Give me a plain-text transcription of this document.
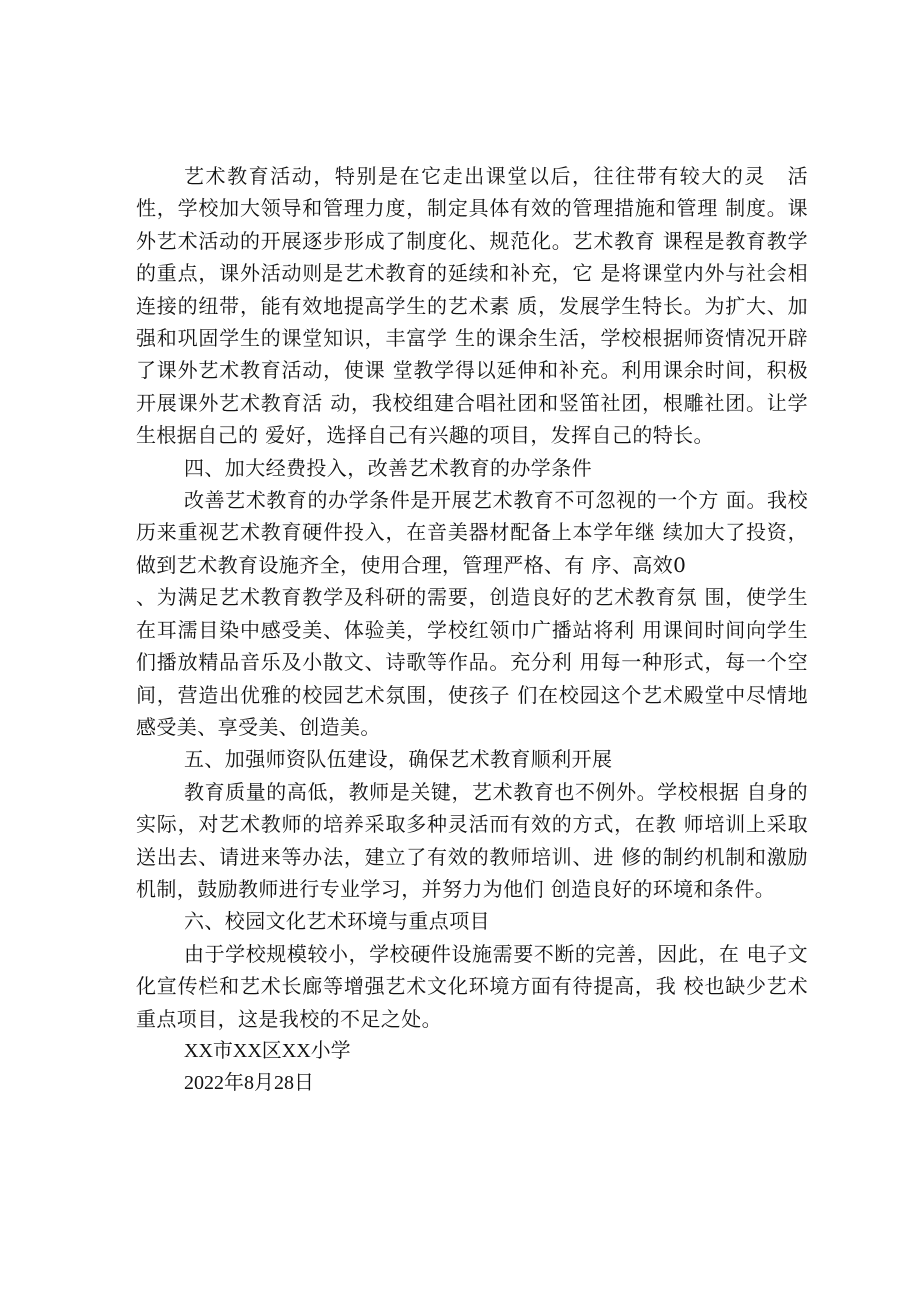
艺术教育活动，特别是在它走出课堂以后，往往带有较大的灵　活性，学校加大领导和管理力度，制定具体有效的管理措施和管理 制度。课外艺术活动的开展逐步形成了制度化、规范化。艺术教育 课程是教育教学的重点，课外活动则是艺术教育的延续和补充，它 是将课堂内外与社会相连接的纽带，能有效地提高学生的艺术素 质，发展学生特长。为扩大、加强和巩固学生的课堂知识，丰富学 生的课余生活，学校根据师资情况开辟了课外艺术教育活动，使课 堂教学得以延伸和补充。利用课余时间，积极开展课外艺术教育活 动，我校组建合唱社团和竖笛社团，根雕社团。让学生根据自己的 爱好，选择自己有兴趣的项目，发挥自己的特长。

四、加大经费投入，改善艺术教育的办学条件

改善艺术教育的办学条件是开展艺术教育不可忽视的一个方 面。我校历来重视艺术教育硬件投入，在音美器材配备上本学年继 续加大了投资，做到艺术教育设施齐全，使用合理，管理严格、有 序、高效0

、为满足艺术教育教学及科研的需要，创造良好的艺术教育氛 围，使学生在耳濡目染中感受美、体验美，学校红领巾广播站将利 用课间时间向学生们播放精品音乐及小散文、诗歌等作品。充分利 用每一种形式，每一个空间，营造出优雅的校园艺术氛围，使孩子 们在校园这个艺术殿堂中尽情地感受美、享受美、创造美。

五、加强师资队伍建设，确保艺术教育顺利开展

教育质量的高低，教师是关键，艺术教育也不例外。学校根据 自身的实际，对艺术教师的培养采取多种灵活而有效的方式，在教 师培训上采取送出去、请进来等办法，建立了有效的教师培训、进 修的制约机制和激励机制，鼓励教师进行专业学习，并努力为他们 创造良好的环境和条件。

六、校园文化艺术环境与重点项目

由于学校规模较小，学校硬件设施需要不断的完善，因此，在 电子文化宣传栏和艺术长廊等增强艺术文化环境方面有待提高，我 校也缺少艺术重点项目，这是我校的不足之处。

XX市XX区XX小学

2022年8月28日
